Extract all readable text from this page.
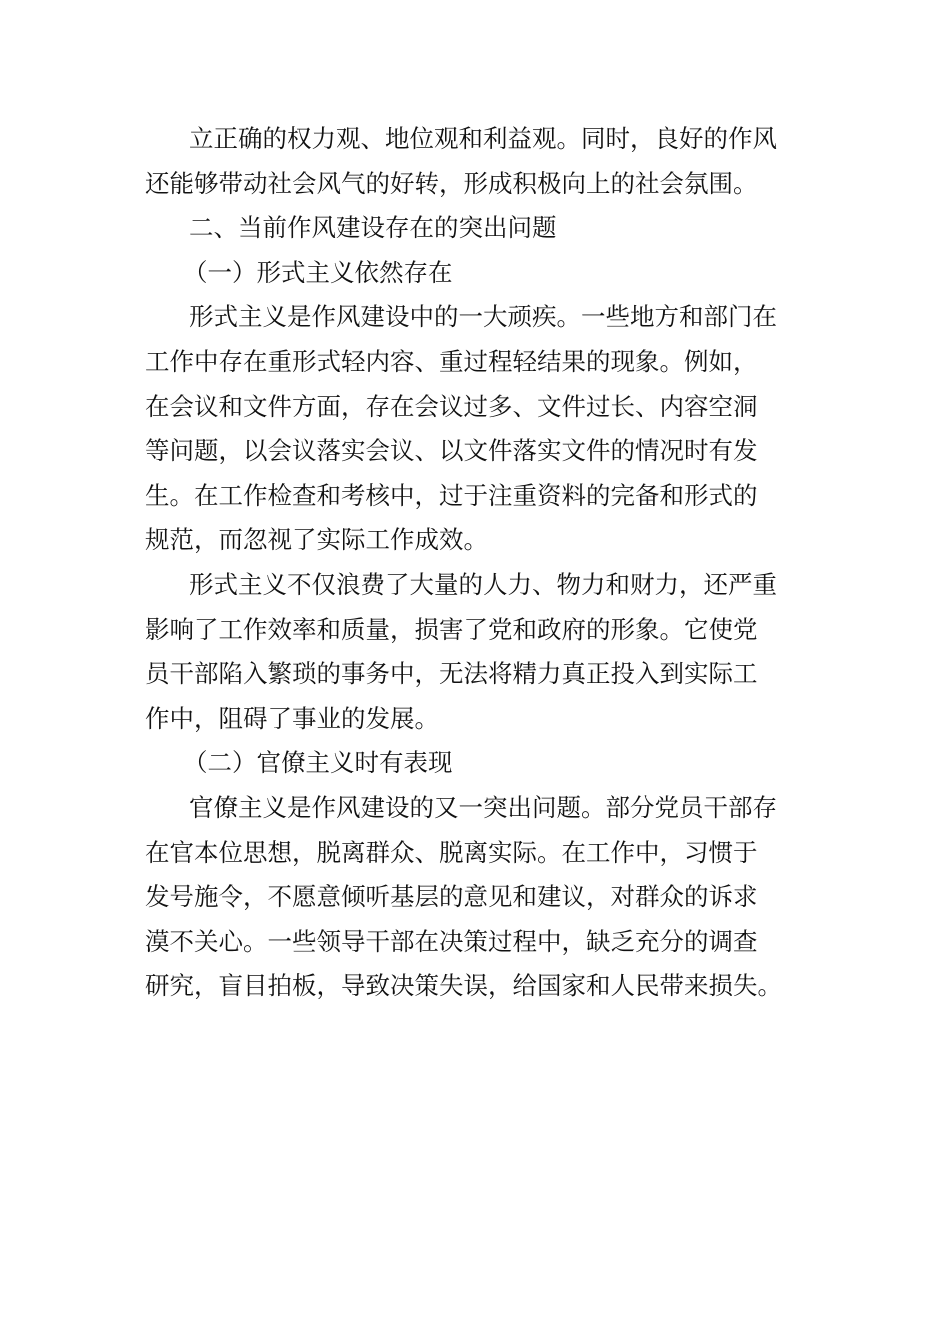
立正确的权力观、地位观和利益观。同时，良好的作风
还能够带动社会风气的好转，形成积极向上的社会氛围。
二、当前作风建设存在的突出问题
（一）形式主义依然存在
形式主义是作风建设中的一大顽疾。一些地方和部门在
工作中存在重形式轻内容、重过程轻结果的现象。例如，
在会议和文件方面，存在会议过多、文件过长、内容空洞
等问题，以会议落实会议、以文件落实文件的情况时有发
生。在工作检查和考核中，过于注重资料的完备和形式的
规范，而忽视了实际工作成效。
形式主义不仅浪费了大量的人力、物力和财力，还严重
影响了工作效率和质量，损害了党和政府的形象。它使党
员干部陷入繁琐的事务中，无法将精力真正投入到实际工
作中，阻碍了事业的发展。
（二）官僚主义时有表现
官僚主义是作风建设的又一突出问题。部分党员干部存
在官本位思想，脱离群众、脱离实际。在工作中，习惯于
发号施令，不愿意倾听基层的意见和建议，对群众的诉求
漠不关心。一些领导干部在决策过程中，缺乏充分的调查
研究，盲目拍板，导致决策失误，给国家和人民带来损失。
